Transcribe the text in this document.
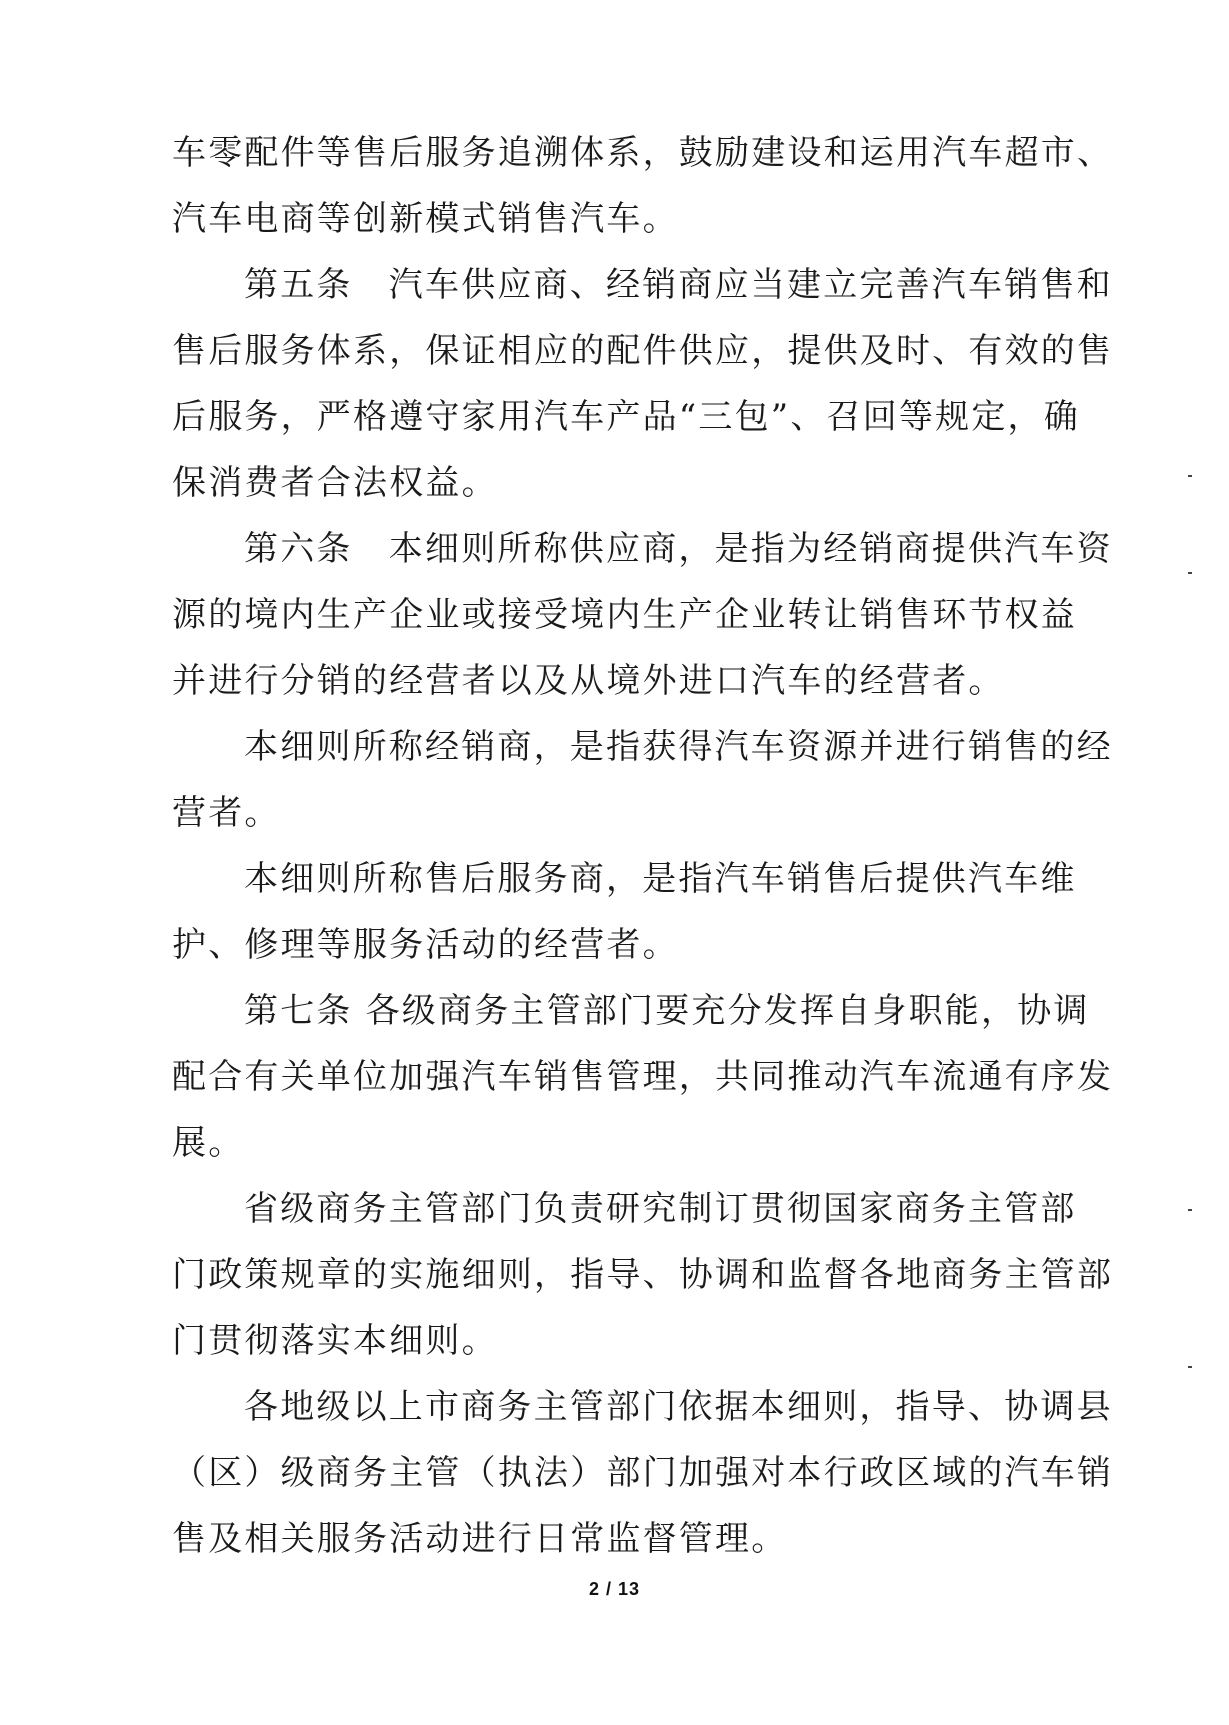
车零配件等售后服务追溯体系，鼓励建设和运用汽车超市、
汽车电商等创新模式销售汽车。
第五条　汽车供应商、经销商应当建立完善汽车销售和
售后服务体系，保证相应的配件供应，提供及时、有效的售
后服务，严格遵守家用汽车产品“三包”、召回等规定，确
保消费者合法权益。
第六条　本细则所称供应商，是指为经销商提供汽车资
源的境内生产企业或接受境内生产企业转让销售环节权益
并进行分销的经营者以及从境外进口汽车的经营者。
本细则所称经销商，是指获得汽车资源并进行销售的经
营者。
本细则所称售后服务商，是指汽车销售后提供汽车维
护、修理等服务活动的经营者。
第七条 各级商务主管部门要充分发挥自身职能，协调
配合有关单位加强汽车销售管理，共同推动汽车流通有序发
展。
省级商务主管部门负责研究制订贯彻国家商务主管部
门政策规章的实施细则，指导、协调和监督各地商务主管部
门贯彻落实本细则。
各地级以上市商务主管部门依据本细则，指导、协调县
（区）级商务主管（执法）部门加强对本行政区域的汽车销
售及相关服务活动进行日常监督管理。
2 / 13
